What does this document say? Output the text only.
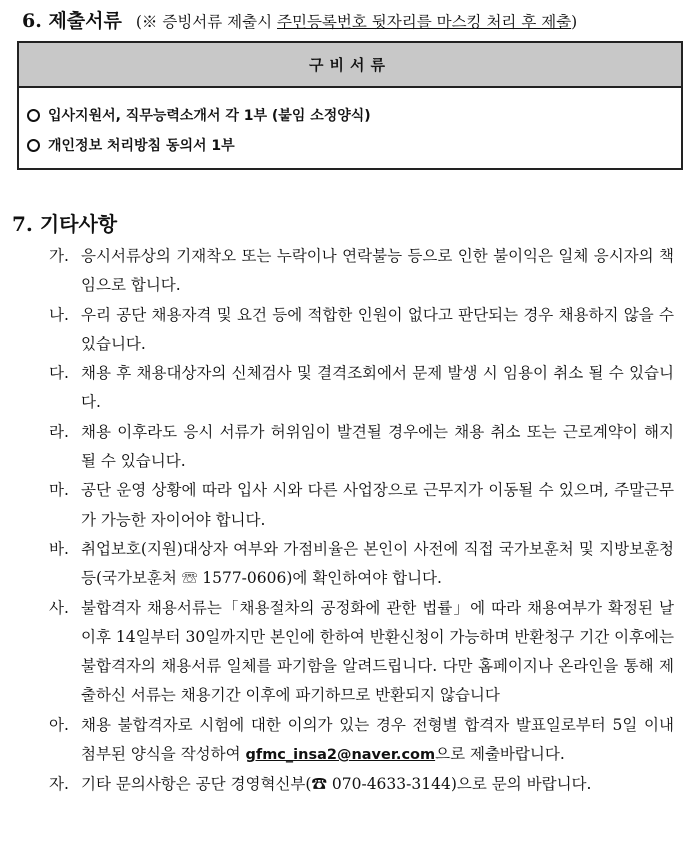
6. 제출서류 (※ 증빙서류 제출시 주민등록번호 뒷자리를 마스킹 처리 후 제출)
구비서류
입사지원서, 직무능력소개서 각 1부 (붙임 소정양식)
개인정보 처리방침 동의서 1부
7. 기타사항
가. 응시서류상의 기재착오 또는 누락이나 연락불능 등으로 인한 불이익은 일체 응시자의 책임으로 합니다.
나. 우리 공단 채용자격 및 요건 등에 적합한 인원이 없다고 판단되는 경우 채용하지 않을 수 있습니다.
다. 채용 후 채용대상자의 신체검사 및 결격조회에서 문제 발생 시 임용이 취소 될 수 있습니다.
라. 채용 이후라도 응시 서류가 허위임이 발견될 경우에는 채용 취소 또는 근로계약이 해지 될 수 있습니다.
마. 공단 운영 상황에 따라 입사 시와 다른 사업장으로 근무지가 이동될 수 있으며, 주말근무가 가능한 자이어야 합니다.
바. 취업보호(지원)대상자 여부와 가점비율은 본인이 사전에 직접 국가보훈처 및 지방보훈청 등(국가보훈처 ☏ 1577-0606)에 확인하여야 합니다.
사. 불합격자 채용서류는「채용절차의 공정화에 관한 법률」에 따라 채용여부가 확정된 날 이후 14일부터 30일까지만 본인에 한하여 반환신청이 가능하며 반환청구 기간 이후에는 불합격자의 채용서류 일체를 파기함을 알려드립니다. 다만 홈페이지나 온라인을 통해 제출하신 서류는 채용기간 이후에 파기하므로 반환되지 않습니다
아. 채용 불합격자로 시험에 대한 이의가 있는 경우 전형별 합격자 발표일로부터 5일 이내 첨부된 양식을 작성하여 gfmc_insa2@naver.com으로 제출바랍니다.
자. 기타 문의사항은 공단 경영혁신부(☎ 070-4633-3144)으로 문의 바랍니다.
